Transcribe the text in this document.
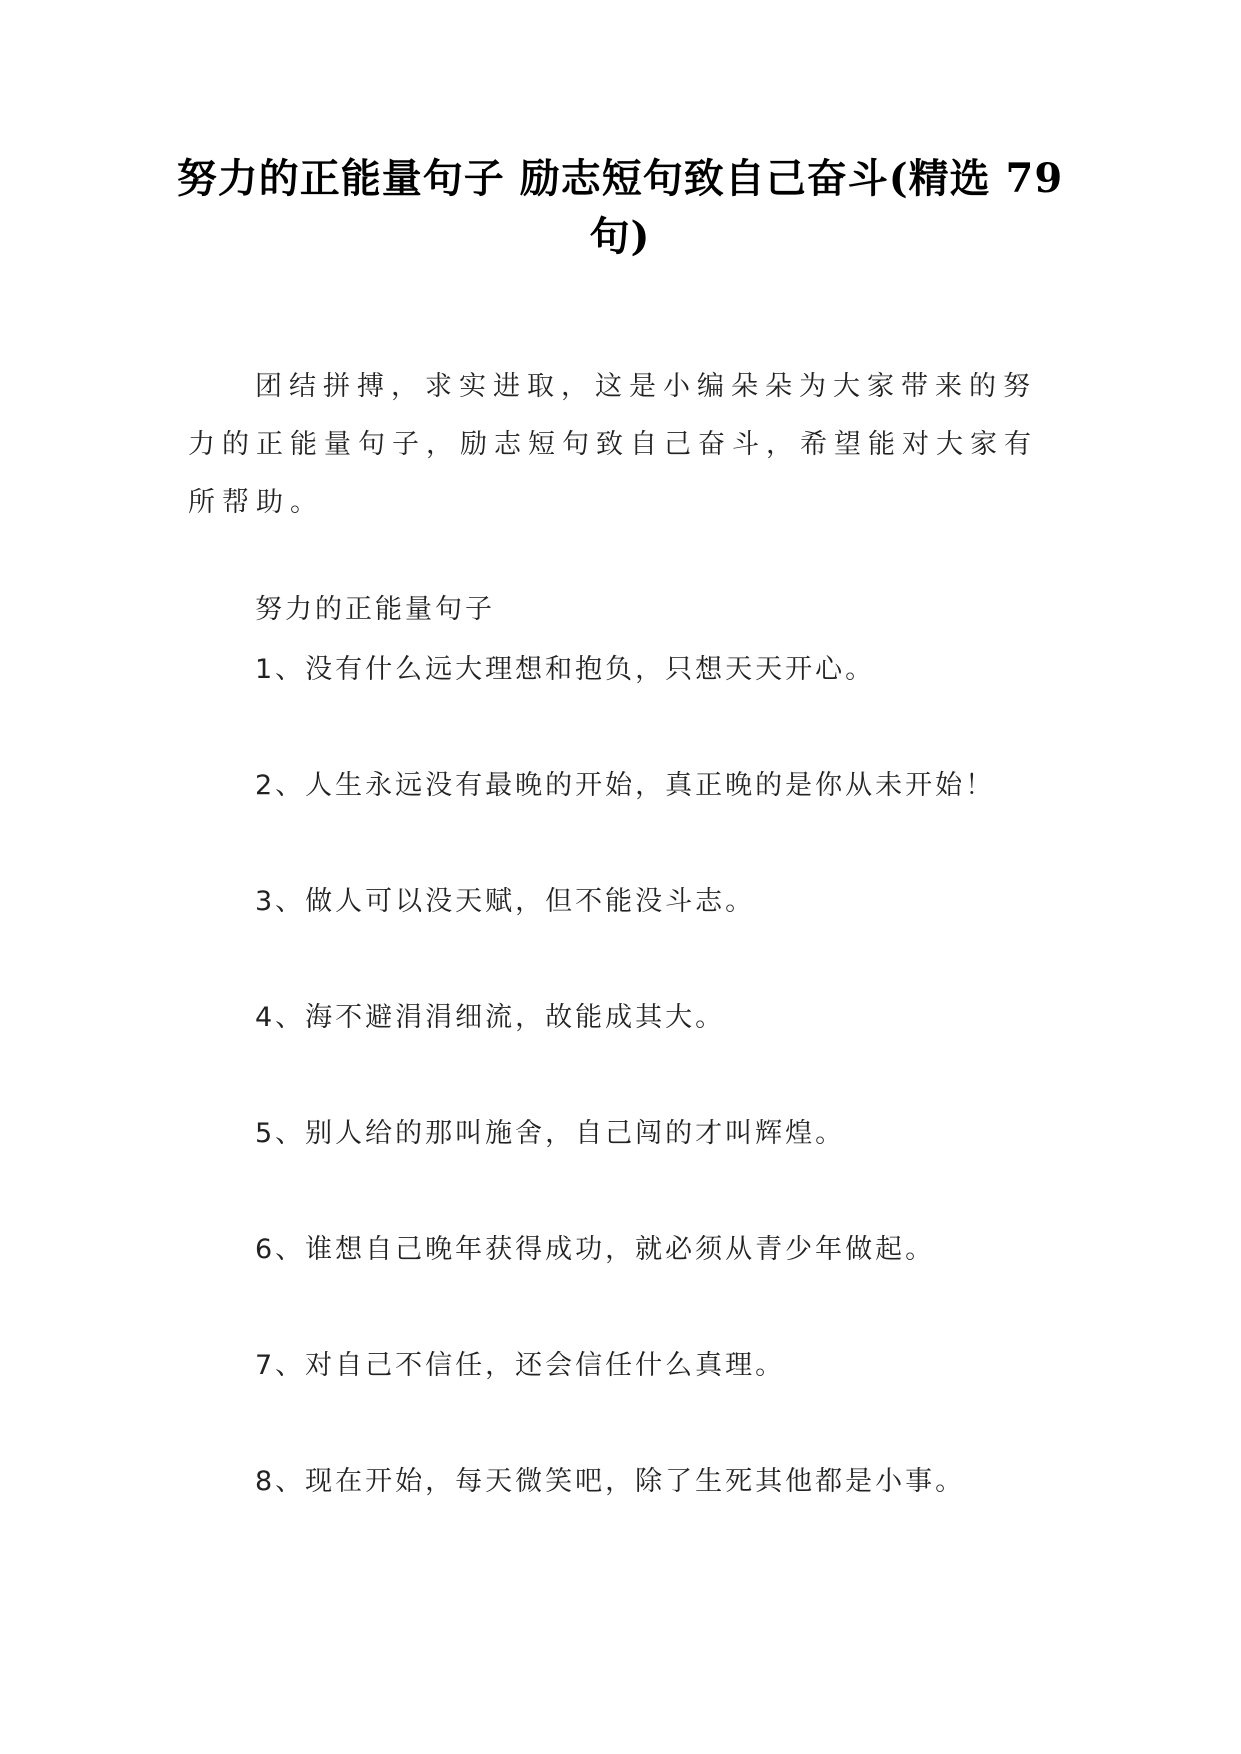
努力的正能量句子 励志短句致自己奋斗(精选 79 句)

团结拼搏，求实进取，这是小编朵朵为大家带来的努力的正能量句子，励志短句致自己奋斗，希望能对大家有所帮助。

努力的正能量句子
1、没有什么远大理想和抱负，只想天天开心。
2、人生永远没有最晚的开始，真正晚的是你从未开始！
3、做人可以没天赋，但不能没斗志。
4、海不避涓涓细流，故能成其大。
5、别人给的那叫施舍，自己闯的才叫辉煌。
6、谁想自己晚年获得成功，就必须从青少年做起。
7、对自己不信任，还会信任什么真理。
8、现在开始，每天微笑吧，除了生死其他都是小事。
